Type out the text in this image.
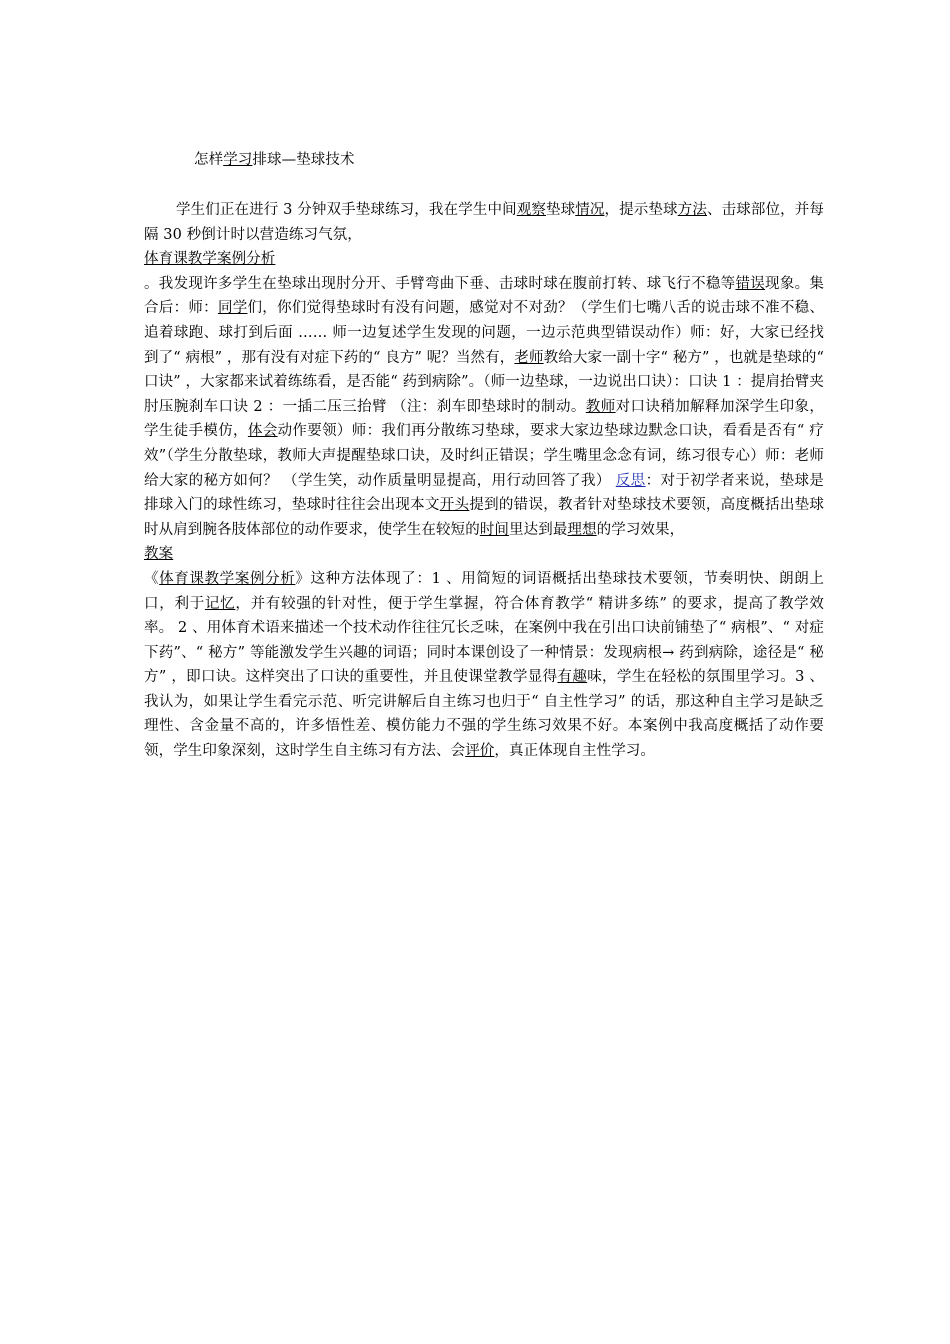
怎样学习排球—垫球技术
学生们正在进行 3 分钟双手垫球练习，我在学生中间观察垫球情况，提示垫球方法、击球部位，并每隔 30 秒倒计时以营造练习气氛，
体育课教学案例分析
。我发现许多学生在垫球出现肘分开、手臂弯曲下垂、击球时球在腹前打转、球飞行不稳等错误现象。集合后：师：同学们，你们觉得垫球时有没有问题，感觉对不对劲？（学生们七嘴八舌的说击球不准不稳、追着球跑、球打到后面 …… 师一边复述学生发现的问题，一边示范典型错误动作）师：好，大家已经找到了“ 病根” ，那有没有对症下药的“ 良方” 呢？当然有，老师教给大家一副十字“ 秘方” ，也就是垫球的“ 口诀” ，大家都来试着练练看，是否能“ 药到病除”。（师一边垫球，一边说出口诀）：口诀 1 ：提肩抬臂夹肘压腕刹车口诀 2 ：一插二压三抬臂 （注：刹车即垫球时的制动。教师对口诀稍加解释加深学生印象，学生徒手模仿，体会动作要领）师：我们再分散练习垫球，要求大家边垫球边默念口诀，看看是否有“ 疗效”（学生分散垫球，教师大声提醒垫球口诀，及时纠正错误；学生嘴里念念有词，练习很专心）师：老师给大家的秘方如何？ （学生笑，动作质量明显提高，用行动回答了我） 反思：对于初学者来说，垫球是排球入门的球性练习，垫球时往往会出现本文开头提到的错误，教者针对垫球技术要领，高度概括出垫球时从肩到腕各肢体部位的动作要求，使学生在较短的时间里达到最理想的学习效果，
教案
《体育课教学案例分析》这种方法体现了：1 、用简短的词语概括出垫球技术要领，节奏明快、朗朗上口，利于记忆，并有较强的针对性，便于学生掌握，符合体育教学“ 精讲多练” 的要求，提高了教学效率。 2 、用体育术语来描述一个技术动作往往冗长乏味，在案例中我在引出口诀前铺垫了“ 病根”、“ 对症下药”、“ 秘方” 等能激发学生兴趣的词语；同时本课创设了一种情景：发现病根→ 药到病除，途径是“ 秘方” ，即口诀。这样突出了口诀的重要性，并且使课堂教学显得有趣味，学生在轻松的氛围里学习。3 、我认为，如果让学生看完示范、听完讲解后自主练习也归于“ 自主性学习” 的话，那这种自主学习是缺乏理性、含金量不高的，许多悟性差、模仿能力不强的学生练习效果不好。本案例中我高度概括了动作要领，学生印象深刻，这时学生自主练习有方法、会评价，真正体现自主性学习。
